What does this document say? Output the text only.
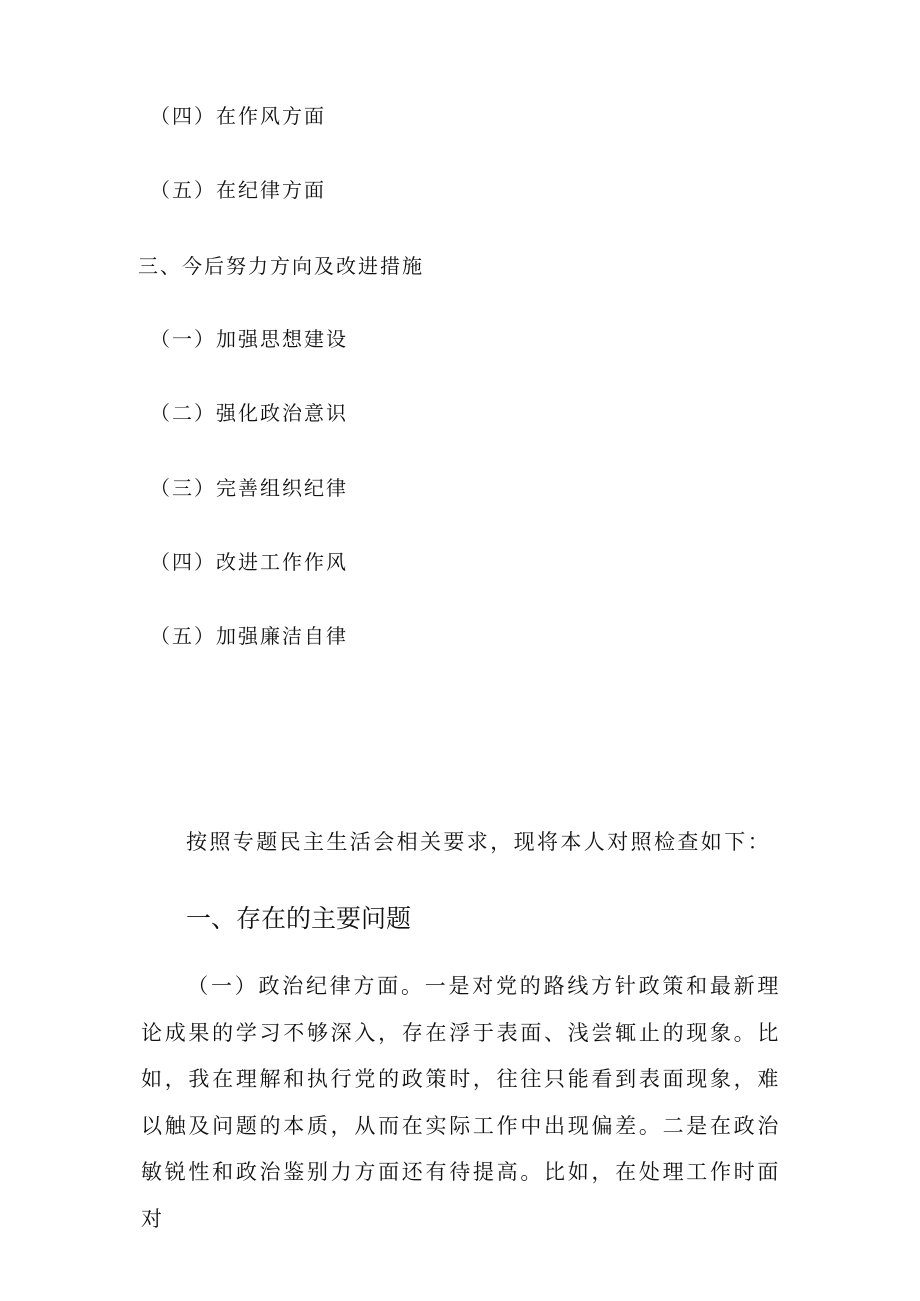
（四）在作风方面
（五）在纪律方面
三、今后努力方向及改进措施
（一）加强思想建设
（二）强化政治意识
（三）完善组织纪律
（四）改进工作作风
（五）加强廉洁自律
按照专题民主生活会相关要求，现将本人对照检查如下：
一、存在的主要问题
（一）政治纪律方面。一是对党的路线方针政策和最新理论成果的学习不够深入，存在浮于表面、浅尝辄止的现象。比如，我在理解和执行党的政策时，往往只能看到表面现象，难以触及问题的本质，从而在实际工作中出现偏差。二是在政治敏锐性和政治鉴别力方面还有待提高。比如，在处理工作时面对
